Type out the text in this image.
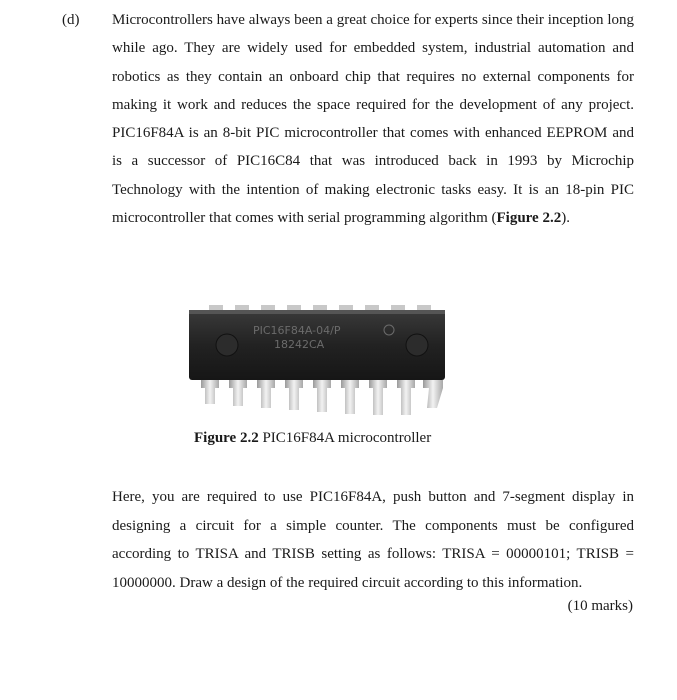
(d) Microcontrollers have always been a great choice for experts since their inception long while ago. They are widely used for embedded system, industrial automation and robotics as they contain an onboard chip that requires no external components for making it work and reduces the space required for the development of any project. PIC16F84A is an 8-bit PIC microcontroller that comes with enhanced EEPROM and is a successor of PIC16C84 that was introduced back in 1993 by Microchip Technology with the intention of making electronic tasks easy. It is an 18-pin PIC microcontroller that comes with serial programming algorithm (Figure 2.2).

PIC16F84A-04/P
18242CA
Figure 2.2 PIC16F84A microcontroller

Here, you are required to use PIC16F84A, push button and 7-segment display in designing a circuit for a simple counter. The components must be configured according to TRISA and TRISB setting as follows: TRISA = 00000101; TRISB = 10000000. Draw a design of the required circuit according to this information.

(10 marks)
